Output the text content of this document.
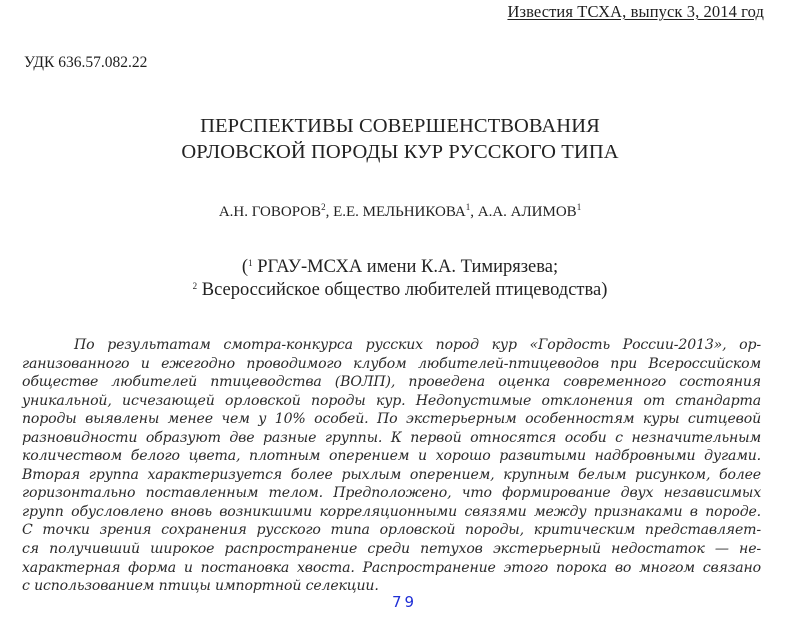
Известия ТСХА, выпуск 3, 2014 год
УДК 636.57.082.22
ПЕРСПЕКТИВЫ СОВЕРШЕНСТВОВАНИЯ
ОРЛОВСКОЙ ПОРОДЫ КУР РУССКОГО ТИПА
А.Н. ГОВОРОВ$^2$, Е.Е. МЕЛЬНИКОВА$^1$, А.А. АЛИМОВ$^1$
($^1$ РГАУ-МСХА имени К.А. Тимирязева;
$^2$ Всероссийское общество любителей птицеводства)
По результатам смотра-конкурса русских пород кур «Гордость России-2013», ор-
ганизованного и ежегодно проводимого клубом любителей-птицеводов при Всероссийском
обществе любителей птицеводства (ВОЛП), проведена оценка современного состояния
уникальной, исчезающей орловской породы кур. Недопустимые отклонения от стандарта
породы выявлены менее чем у 10% особей. По экстерьерным особенностям куры ситцевой
разновидности образуют две разные группы. К первой относятся особи с незначительным
количеством белого цвета, плотным оперением и хорошо развитыми надбровными дугами.
Вторая группа характеризуется более рыхлым оперением, крупным белым рисунком, более
горизонтально поставленным телом. Предположено, что формирование двух независимых
групп обусловлено вновь возникшими корреляционными связями между признаками в породе.
С точки зрения сохранения русского типа орловской породы, критическим представляет-
ся получивший широкое распространение среди петухов экстерьерный недостаток — не-
характерная форма и постановка хвоста. Распространение этого порока во многом связано
с использованием птицы импортной селекции.
79
